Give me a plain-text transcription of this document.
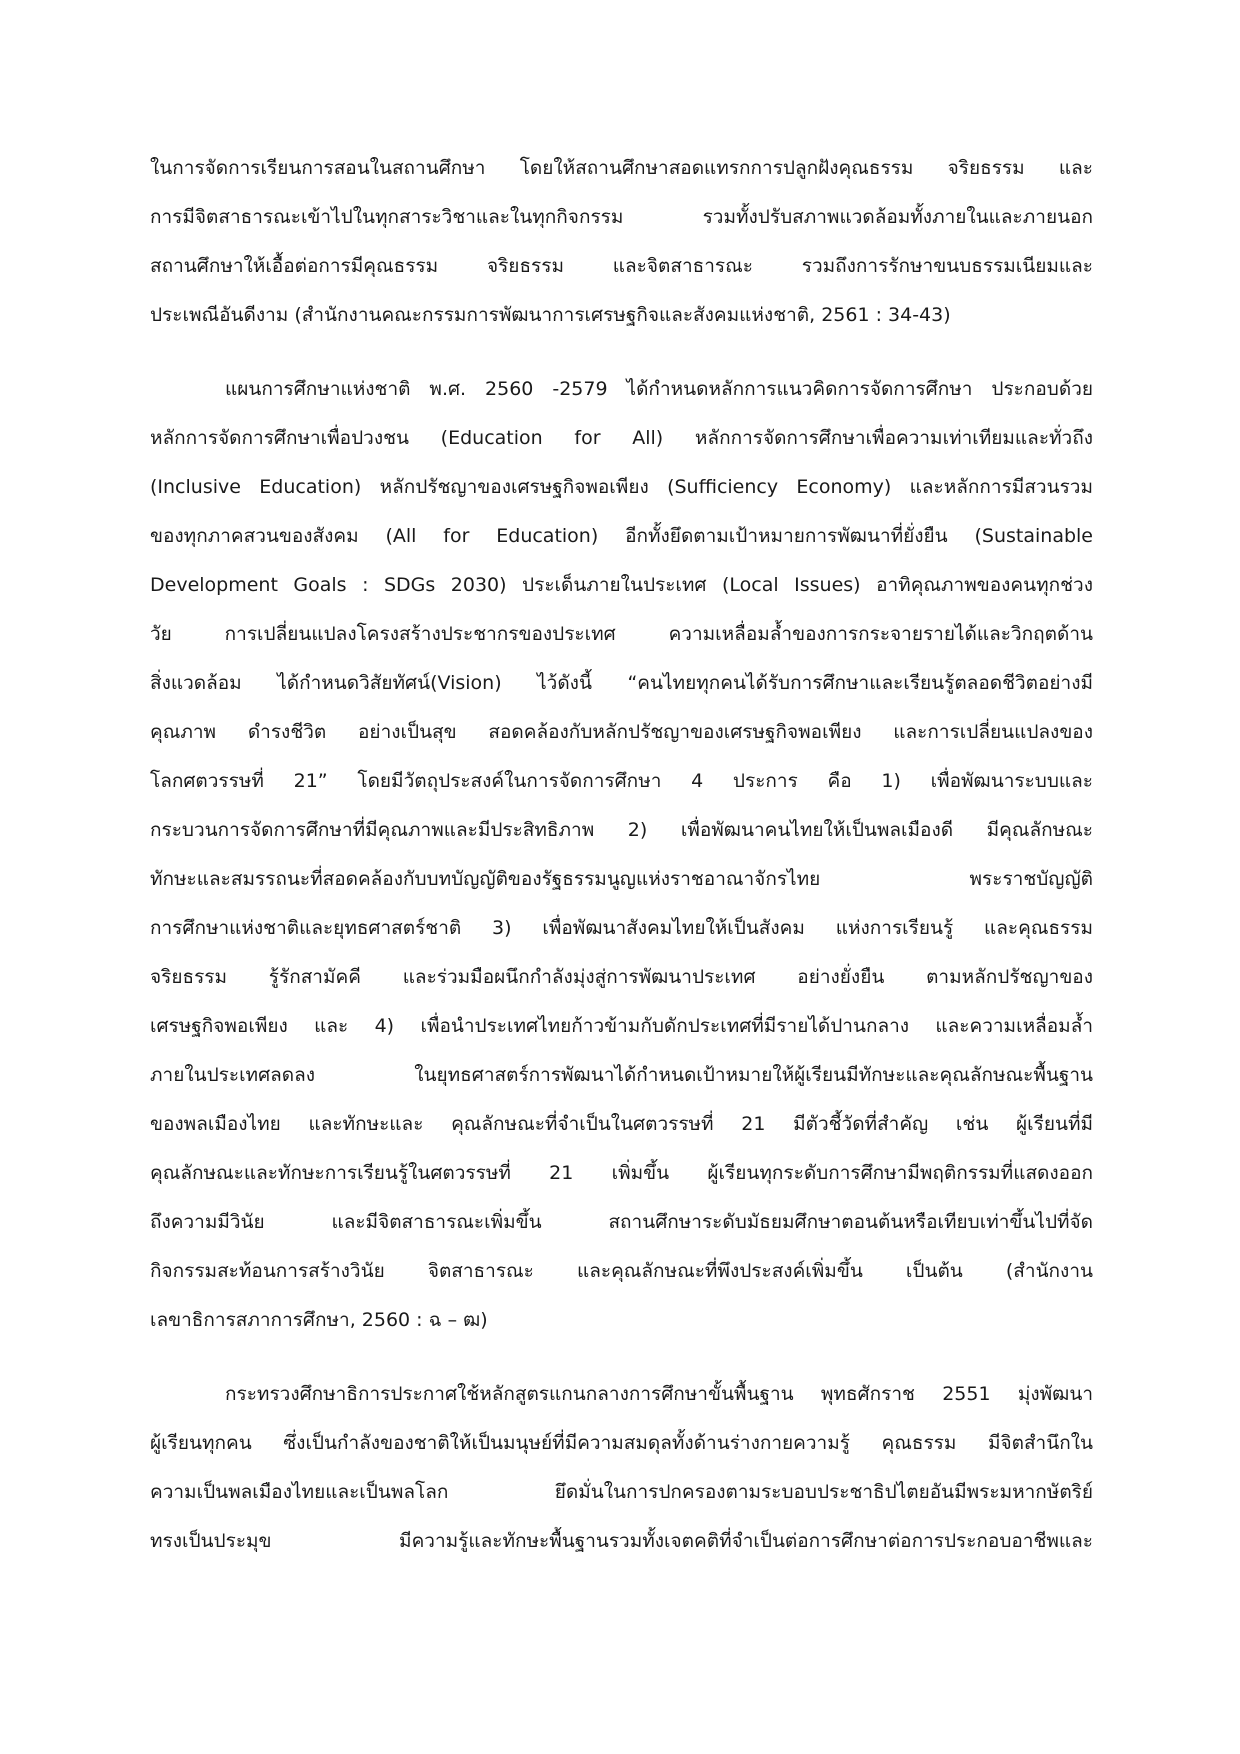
ในการจัดการเรียนการสอนในสถานศึกษา โดยให้สถานศึกษาสอดแทรกการปลูกฝังคุณธรรม จริยธรรม และ
การมีจิตสาธารณะเข้าไปในทุกสาระวิชาและในทุกกิจกรรม รวมทั้งปรับสภาพแวดล้อมทั้งภายในและภายนอก
สถานศึกษาให้เอื้อต่อการมีคุณธรรม จริยธรรม และจิตสาธารณะ รวมถึงการรักษาขนบธรรมเนียมและ
ประเพณีอันดีงาม (สำนักงานคณะกรรมการพัฒนาการเศรษฐกิจและสังคมแห่งชาติ, 2561 : 34-43)
แผนการศึกษาแห่งชาติ พ.ศ. 2560 -2579 ได้กำหนดหลักการแนวคิดการจัดการศึกษา ประกอบด้วย
หลักการจัดการศึกษาเพื่อปวงชน (Education for All) หลักการจัดการศึกษาเพื่อความเท่าเทียมและทั่วถึง
(Inclusive Education) หลักปรัชญาของเศรษฐกิจพอเพียง (Sufficiency Economy) และหลักการมีสวนรวม
ของทุกภาคสวนของสังคม (All for Education) อีกทั้งยึดตามเป้าหมายการพัฒนาที่ยั่งยืน (Sustainable
Development Goals : SDGs 2030) ประเด็นภายในประเทศ (Local Issues) อาทิคุณภาพของคนทุกช่วง
วัย การเปลี่ยนแปลงโครงสร้างประชากรของประเทศ ความเหลื่อมล้ำของการกระจายรายได้และวิกฤตด้าน
สิ่งแวดล้อม ได้กำหนดวิสัยทัศน์(Vision) ไว้ดังนี้ “คนไทยทุกคนได้รับการศึกษาและเรียนรู้ตลอดชีวิตอย่างมี
คุณภาพ ดำรงชีวิต อย่างเป็นสุข สอดคล้องกับหลักปรัชญาของเศรษฐกิจพอเพียง และการเปลี่ยนแปลงของ
โลกศตวรรษที่ 21” โดยมีวัตถุประสงค์ในการจัดการศึกษา 4 ประการ คือ 1) เพื่อพัฒนาระบบและ
กระบวนการจัดการศึกษาที่มีคุณภาพและมีประสิทธิภาพ 2) เพื่อพัฒนาคนไทยให้เป็นพลเมืองดี มีคุณลักษณะ
ทักษะและสมรรถนะที่สอดคล้องกับบทบัญญัติของรัฐธรรมนูญแห่งราชอาณาจักรไทย พระราชบัญญัติ
การศึกษาแห่งชาติและยุทธศาสตร์ชาติ 3) เพื่อพัฒนาสังคมไทยให้เป็นสังคม แห่งการเรียนรู้ และคุณธรรม
จริยธรรม รู้รักสามัคคี และร่วมมือผนึกกำลังมุ่งสู่การพัฒนาประเทศ อย่างยั่งยืน ตามหลักปรัชญาของ
เศรษฐกิจพอเพียง และ 4) เพื่อนำประเทศไทยก้าวข้ามกับดักประเทศที่มีรายได้ปานกลาง และความเหลื่อมล้ำ
ภายในประเทศลดลง ในยุทธศาสตร์การพัฒนาได้กำหนดเป้าหมายให้ผู้เรียนมีทักษะและคุณลักษณะพื้นฐาน
ของพลเมืองไทย และทักษะและ คุณลักษณะที่จำเป็นในศตวรรษที่ 21 มีตัวชี้วัดที่สำคัญ เช่น ผู้เรียนที่มี
คุณลักษณะและทักษะการเรียนรู้ในศตวรรษที่ 21 เพิ่มขึ้น ผู้เรียนทุกระดับการศึกษามีพฤติกรรมที่แสดงออก
ถึงความมีวินัย และมีจิตสาธารณะเพิ่มขึ้น สถานศึกษาระดับมัธยมศึกษาตอนต้นหรือเทียบเท่าขึ้นไปที่จัด
กิจกรรมสะท้อนการสร้างวินัย จิตสาธารณะ และคุณลักษณะที่พึงประสงค์เพิ่มขึ้น เป็นต้น (สำนักงาน
เลขาธิการสภาการศึกษา, 2560 : ฉ – ฒ)
กระทรวงศึกษาธิการประกาศใช้หลักสูตรแกนกลางการศึกษาขั้นพื้นฐาน พุทธศักราช 2551 มุ่งพัฒนา
ผู้เรียนทุกคน ซึ่งเป็นกำลังของชาติให้เป็นมนุษย์ที่มีความสมดุลทั้งด้านร่างกายความรู้ คุณธรรม มีจิตสำนึกใน
ความเป็นพลเมืองไทยและเป็นพลโลก ยึดมั่นในการปกครองตามระบอบประชาธิปไตยอันมีพระมหากษัตริย์
ทรงเป็นประมุข มีความรู้และทักษะพื้นฐานรวมทั้งเจตคติที่จำเป็นต่อการศึกษาต่อการประกอบอาชีพและ
